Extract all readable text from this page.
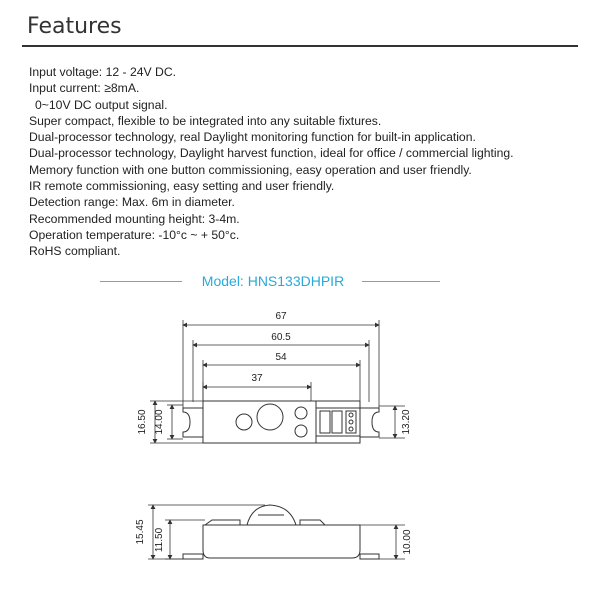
Features
Input voltage: 12 - 24V DC.
Input current: ≥8mA.
0~10V DC output signal.
Super compact, flexible to be integrated into any suitable fixtures.
Dual-processor technology, real Daylight monitoring function for built-in application.
Dual-processor technology, Daylight harvest function, ideal for office / commercial lighting.
Memory function with one button commissioning, easy operation and user friendly.
IR remote commissioning, easy setting and user friendly.
Detection range: Max. 6m in diameter.
Recommended mounting height: 3-4m.
Operation temperature: -10°c ~ + 50°c.
RoHS compliant.
Model: HNS133DHPIR
67
60.5
54
37
16.50 14.00	13.20
15.45 11.50	10.00
